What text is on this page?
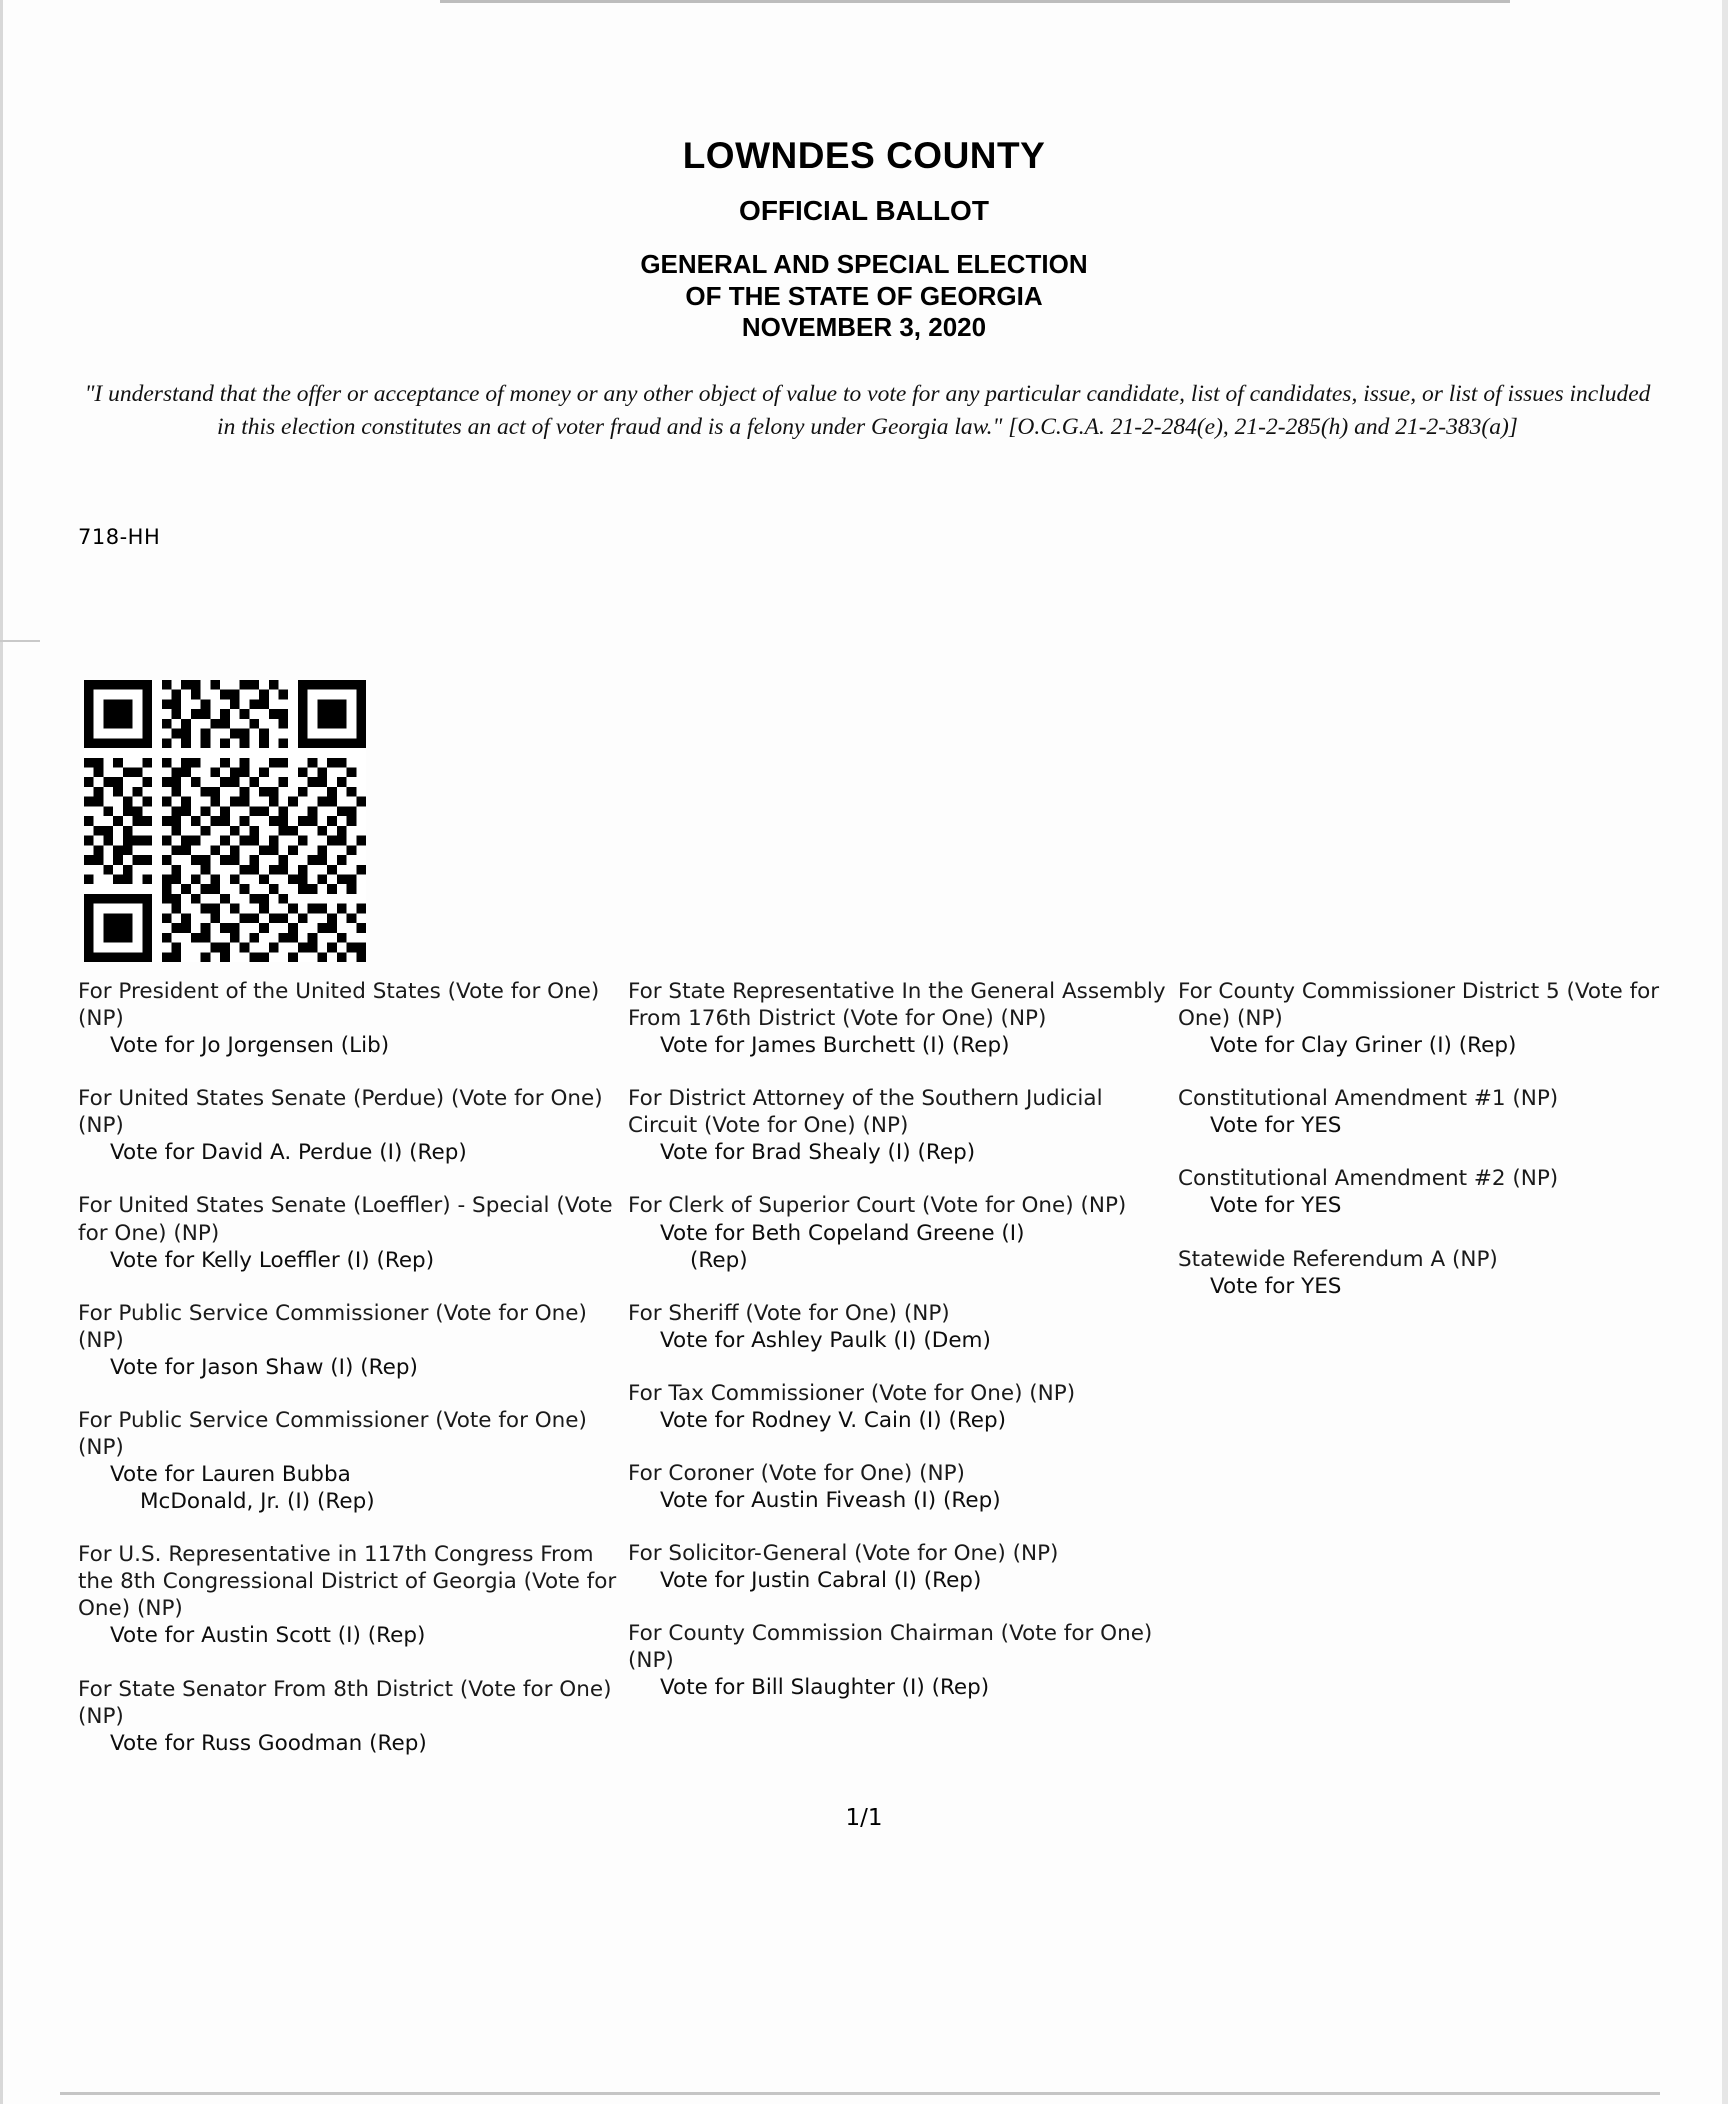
LOWNDES COUNTY
OFFICIAL BALLOT
GENERAL AND SPECIAL ELECTION
OF THE STATE OF GEORGIA
NOVEMBER 3, 2020
"I understand that the offer or acceptance of money or any other object of value to vote for any particular candidate, list of candidates, issue, or list of issues included in this election constitutes an act of voter fraud and is a felony under Georgia law." [O.C.G.A. 21-2-284(e), 21-2-285(h) and 21-2-383(a)]
718-HH
For President of the United States (Vote for One) (NP)
Vote for Jo Jorgensen (Lib)
For United States Senate (Perdue) (Vote for One) (NP)
Vote for David A. Perdue (I) (Rep)
For United States Senate (Loeffler) - Special (Vote for One) (NP)
Vote for Kelly Loeffler (I) (Rep)
For Public Service Commissioner (Vote for One) (NP)
Vote for Jason Shaw (I) (Rep)
For Public Service Commissioner (Vote for One) (NP)
Vote for Lauren Bubba
McDonald, Jr. (I) (Rep)
For U.S. Representative in 117th Congress From the 8th Congressional District of Georgia (Vote for One) (NP)
Vote for Austin Scott (I) (Rep)
For State Senator From 8th District (Vote for One) (NP)
Vote for Russ Goodman (Rep)
For State Representative In the General Assembly From 176th District (Vote for One) (NP)
Vote for James Burchett (I) (Rep)
For District Attorney of the Southern Judicial Circuit (Vote for One) (NP)
Vote for Brad Shealy (I) (Rep)
For Clerk of Superior Court (Vote for One) (NP)
Vote for Beth Copeland Greene (I)
(Rep)
For Sheriff (Vote for One) (NP)
Vote for Ashley Paulk (I) (Dem)
For Tax Commissioner (Vote for One) (NP)
Vote for Rodney V. Cain (I) (Rep)
For Coroner (Vote for One) (NP)
Vote for Austin Fiveash (I) (Rep)
For Solicitor-General (Vote for One) (NP)
Vote for Justin Cabral (I) (Rep)
For County Commission Chairman (Vote for One) (NP)
Vote for Bill Slaughter (I) (Rep)
For County Commissioner District 5 (Vote for One) (NP)
Vote for Clay Griner (I) (Rep)
Constitutional Amendment #1 (NP)
Vote for YES
Constitutional Amendment #2 (NP)
Vote for YES
Statewide Referendum A (NP)
Vote for YES
1/1
